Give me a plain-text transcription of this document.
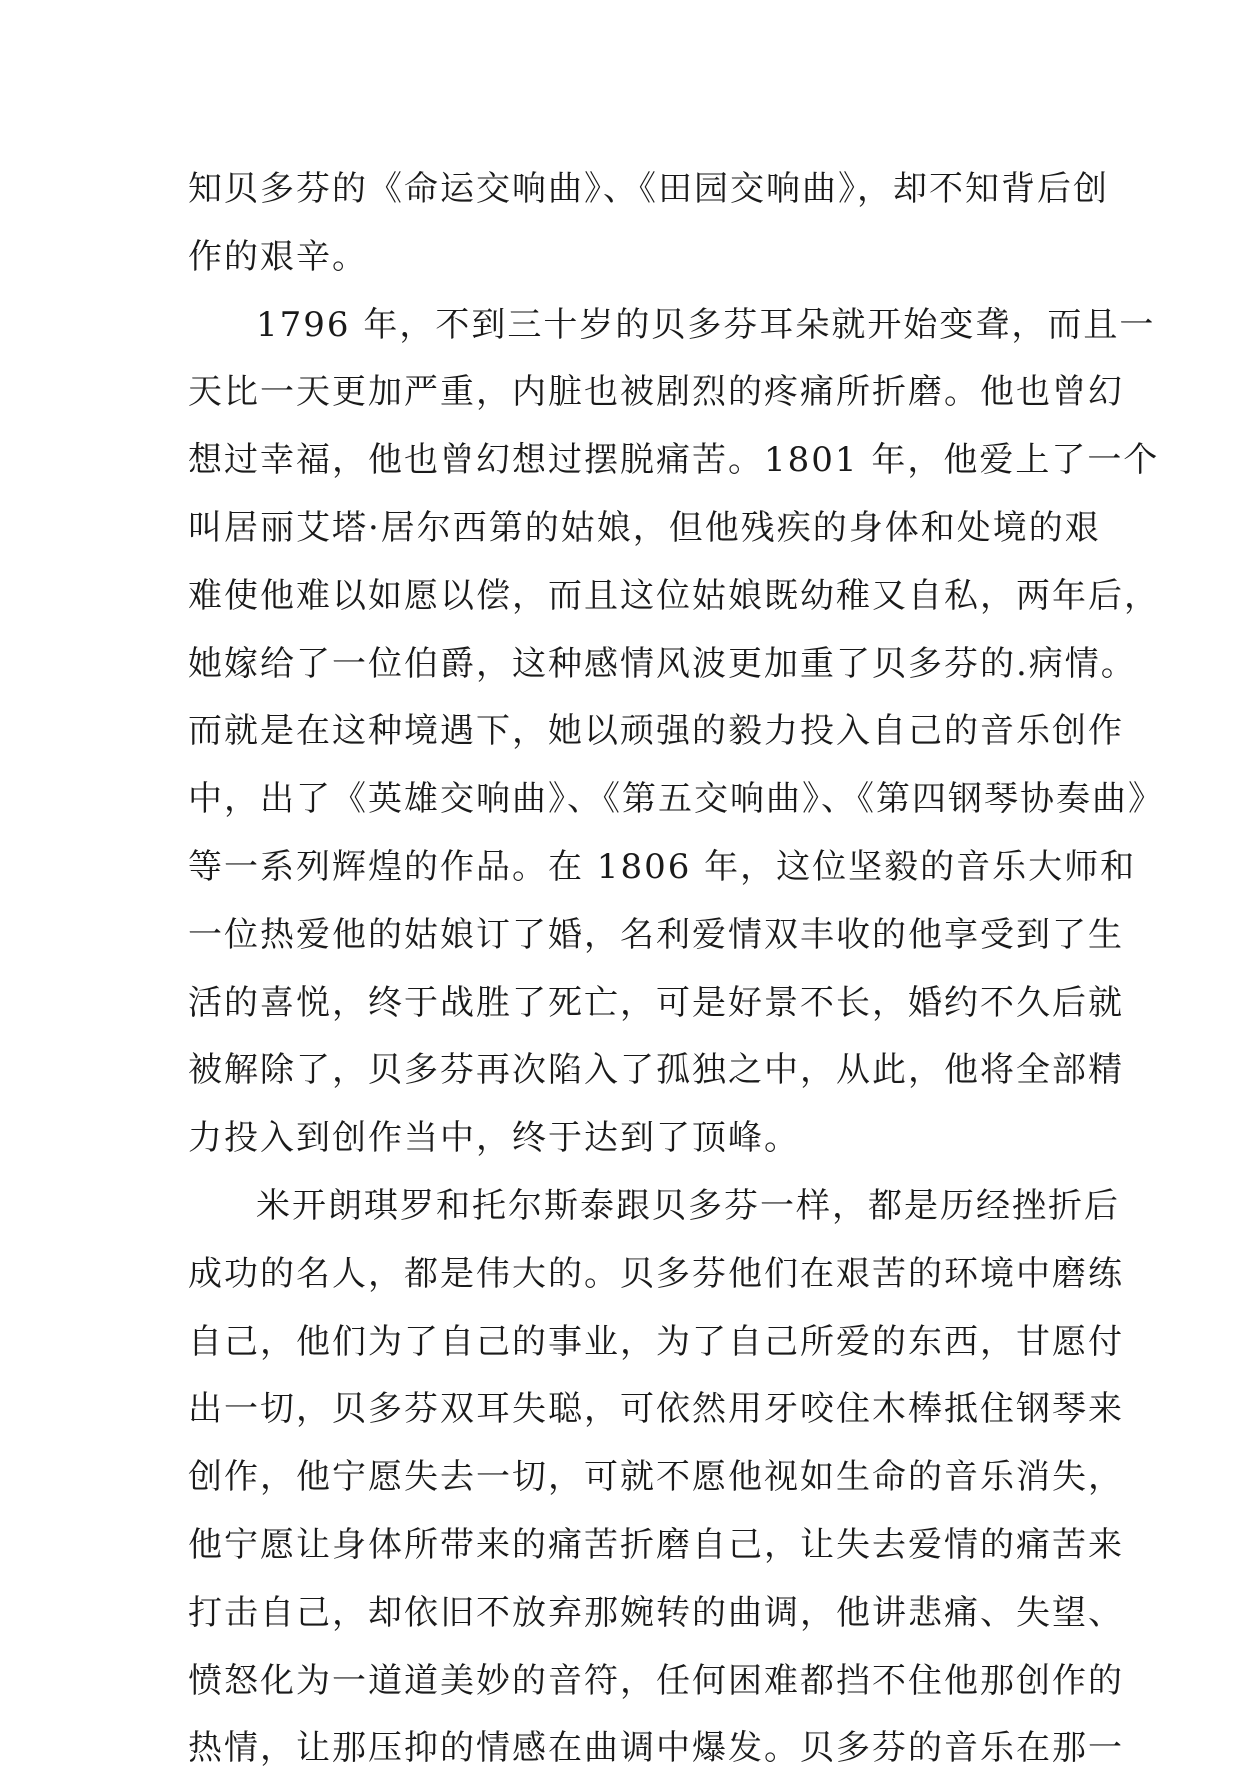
知贝多芬的《命运交响曲》、《田园交响曲》，却不知背后创
作的艰辛。
1796 年，不到三十岁的贝多芬耳朵就开始变聋，而且一
天比一天更加严重，内脏也被剧烈的疼痛所折磨。他也曾幻
想过幸福，他也曾幻想过摆脱痛苦。1801 年，他爱上了一个
叫居丽艾塔·居尔西第的姑娘，但他残疾的身体和处境的艰
难使他难以如愿以偿，而且这位姑娘既幼稚又自私，两年后，
她嫁给了一位伯爵，这种感情风波更加重了贝多芬的.病情。
而就是在这种境遇下，她以顽强的毅力投入自己的音乐创作
中，出了《英雄交响曲》、《第五交响曲》、《第四钢琴协奏曲》
等一系列辉煌的作品。在 1806 年，这位坚毅的音乐大师和
一位热爱他的姑娘订了婚，名利爱情双丰收的他享受到了生
活的喜悦，终于战胜了死亡，可是好景不长，婚约不久后就
被解除了，贝多芬再次陷入了孤独之中，从此，他将全部精
力投入到创作当中，终于达到了顶峰。
米开朗琪罗和托尔斯泰跟贝多芬一样，都是历经挫折后
成功的名人，都是伟大的。贝多芬他们在艰苦的环境中磨练
自己，他们为了自己的事业，为了自己所爱的东西，甘愿付
出一切，贝多芬双耳失聪，可依然用牙咬住木棒抵住钢琴来
创作，他宁愿失去一切，可就不愿他视如生命的音乐消失，
他宁愿让身体所带来的痛苦折磨自己，让失去爱情的痛苦来
打击自己，却依旧不放弃那婉转的曲调，他讲悲痛、失望、
愤怒化为一道道美妙的音符，任何困难都挡不住他那创作的
热情，让那压抑的情感在曲调中爆发。贝多芬的音乐在那一
